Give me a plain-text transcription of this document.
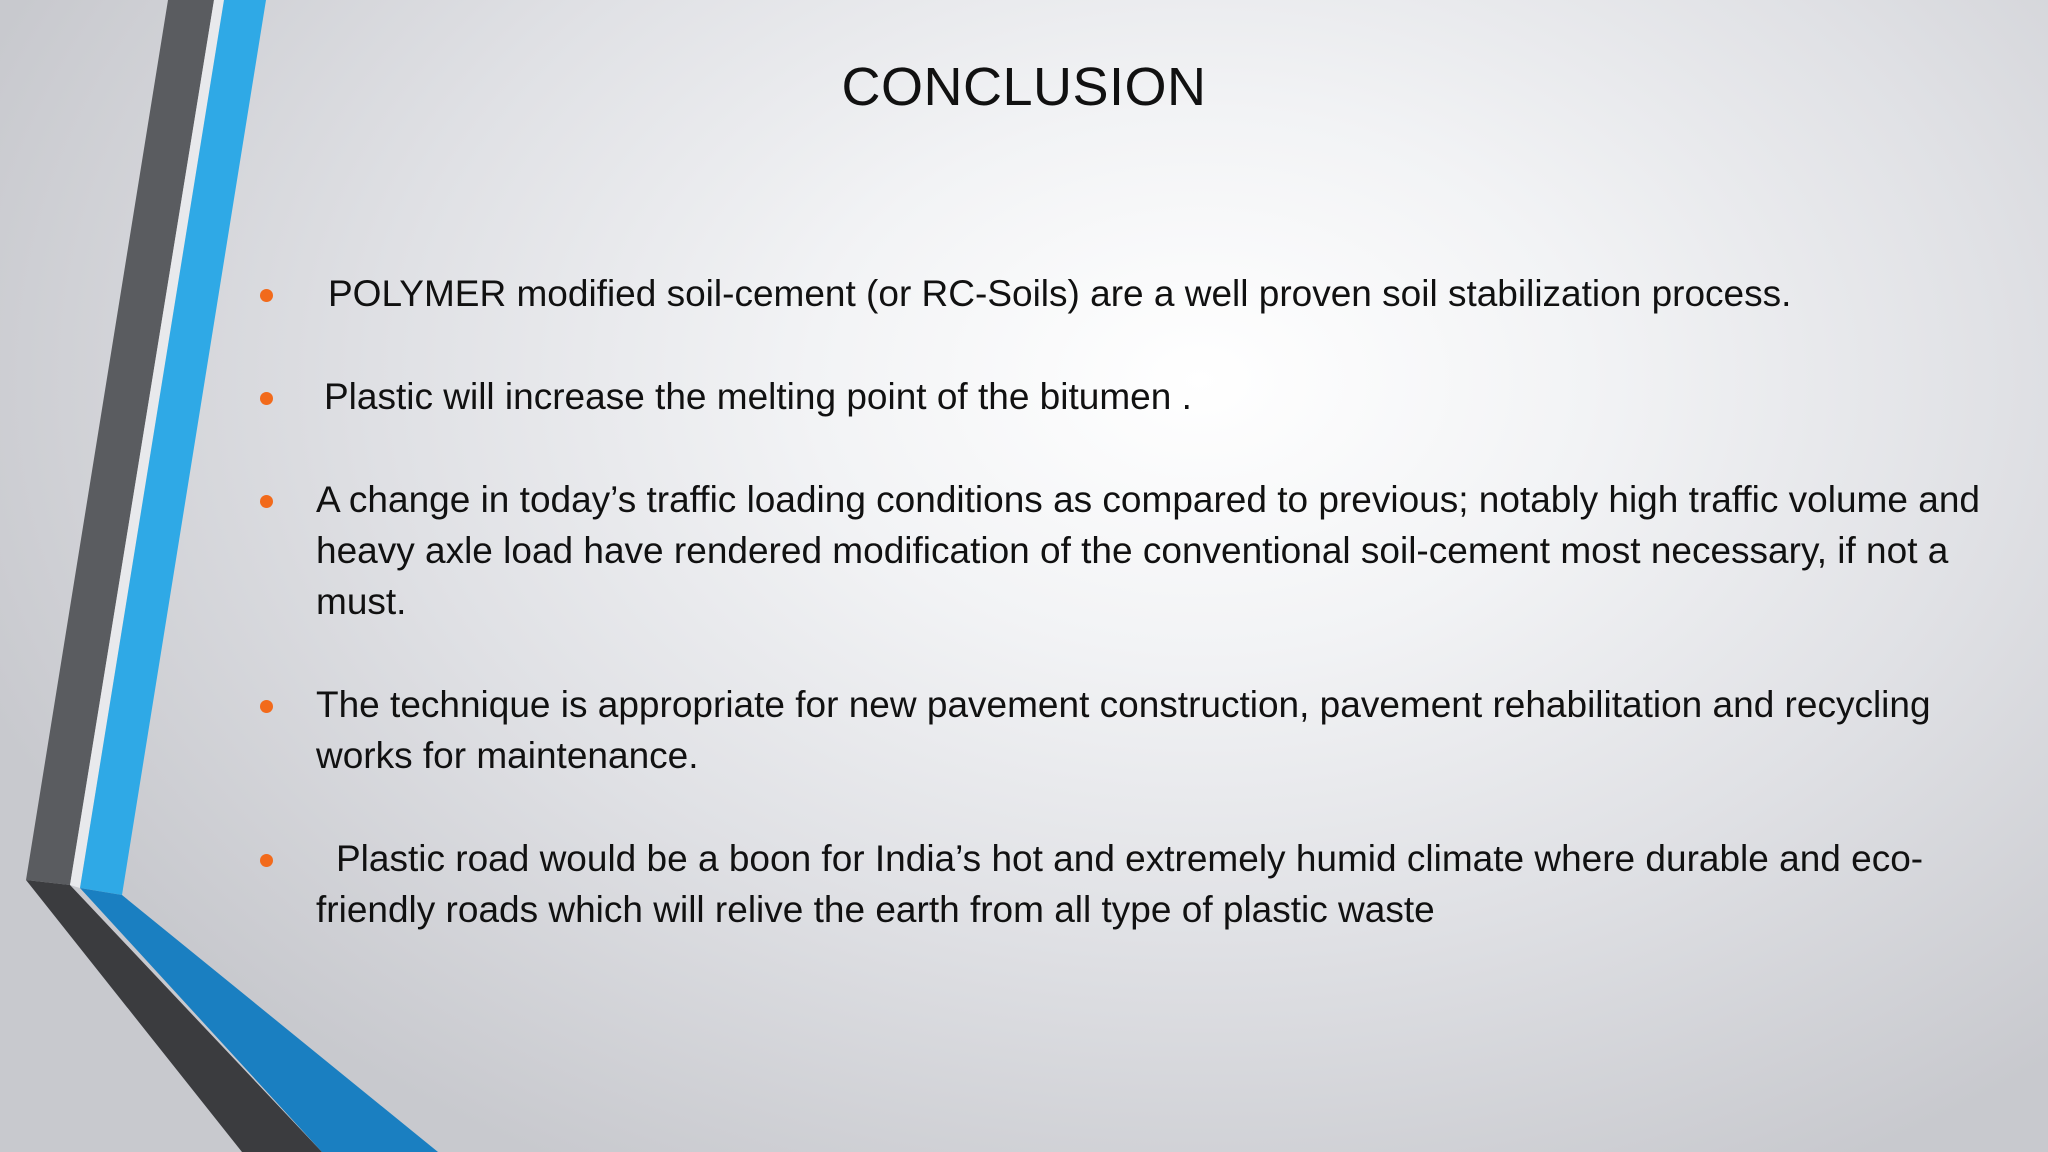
CONCLUSION
POLYMER modified soil-cement (or RC-Soils) are a well proven soil stabilization process.
Plastic will increase the melting point of the bitumen .
A change in today’s traffic loading conditions as compared to previous; notably high traffic volume and heavy axle load have rendered modification of the conventional soil-cement most necessary, if not a must.
The technique is appropriate for new pavement construction, pavement rehabilitation and recycling works for maintenance.
Plastic road would be a boon for India’s hot and extremely humid climate where durable and eco-friendly roads which will relive the earth from all type of plastic waste
